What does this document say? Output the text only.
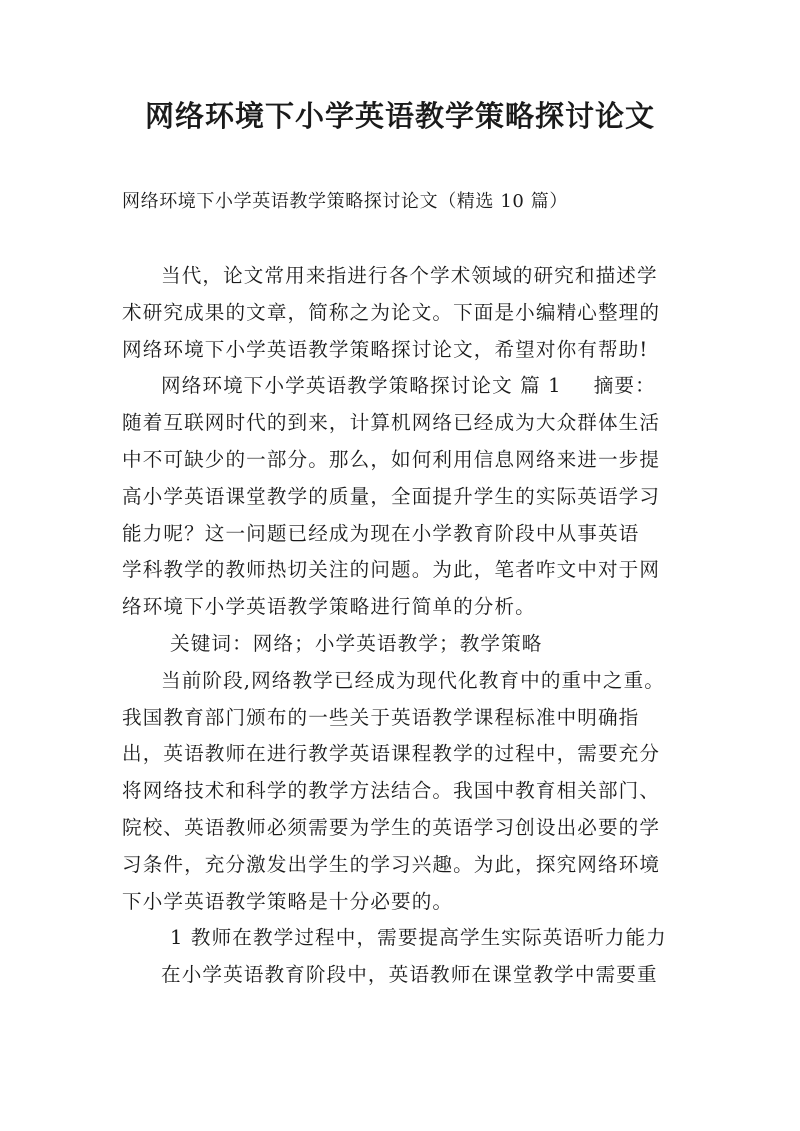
网络环境下小学英语教学策略探讨论文
网络环境下小学英语教学策略探讨论文（精选 10 篇）
当代，论文常用来指进行各个学术领域的研究和描述学
术研究成果的文章，简称之为论文。下面是小编精心整理的
网络环境下小学英语教学策略探讨论文，希望对你有帮助!
网络环境下小学英语教学策略探讨论文 篇 1 摘要：
随着互联网时代的到来，计算机网络已经成为大众群体生活
中不可缺少的一部分。那么，如何利用信息网络来进一步提
高小学英语课堂教学的质量，全面提升学生的实际英语学习
能力呢？这一问题已经成为现在小学教育阶段中从事英语
学科教学的教师热切关注的问题。为此，笔者咋文中对于网
络环境下小学英语教学策略进行简单的分析。
关键词：网络；小学英语教学；教学策略
当前阶段,网络教学已经成为现代化教育中的重中之重。
我国教育部门颁布的一些关于英语教学课程标准中明确指
出，英语教师在进行教学英语课程教学的过程中，需要充分
将网络技术和科学的教学方法结合。我国中教育相关部门、
院校、英语教师必须需要为学生的英语学习创设出必要的学
习条件，充分激发出学生的学习兴趣。为此，探究网络环境
下小学英语教学策略是十分必要的。
1 教师在教学过程中，需要提高学生实际英语听力能力
在小学英语教育阶段中，英语教师在课堂教学中需要重
